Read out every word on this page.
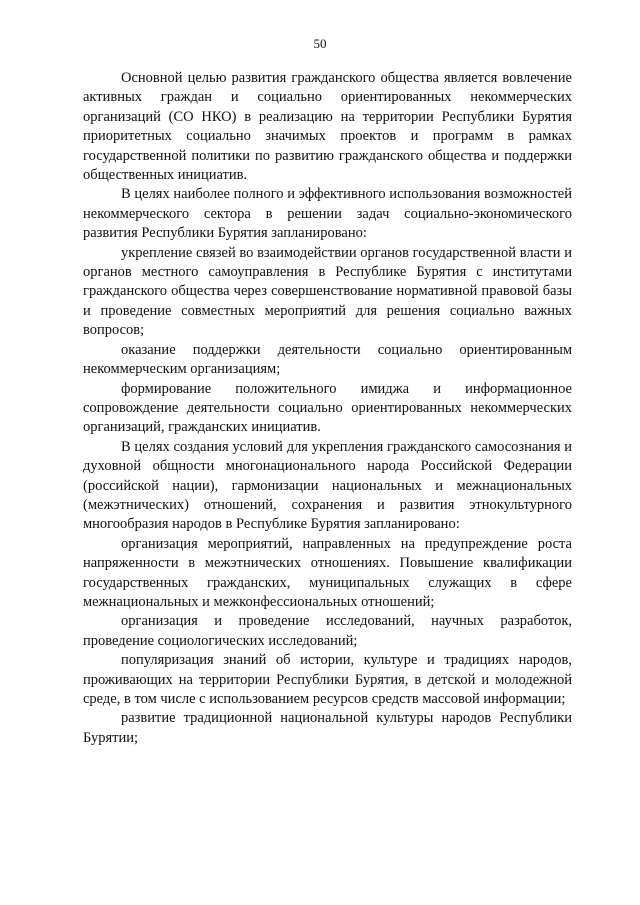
50

Основной целью развития гражданского общества является вовлечение активных граждан и социально ориентированных некоммерческих организаций (СО НКО) в реализацию на территории Республики Бурятия приоритетных социально значимых проектов и программ в рамках государственной политики по развитию гражданского общества и поддержки общественных инициатив.

В целях наиболее полного и эффективного использования возможностей некоммерческого сектора в решении задач социально-экономического развития Республики Бурятия запланировано:

укрепление связей во взаимодействии органов государственной власти и органов местного самоуправления в Республике Бурятия с институтами гражданского общества через совершенствование нормативной правовой базы и проведение совместных мероприятий для решения социально важных вопросов;

оказание поддержки деятельности социально ориентированным некоммерческим организациям;

формирование положительного имиджа и информационное сопровождение деятельности социально ориентированных некоммерческих организаций, гражданских инициатив.

В целях создания условий для укрепления гражданского самосознания и духовной общности многонационального народа Российской Федерации (российской нации), гармонизации национальных и межнациональных (межэтнических) отношений, сохранения и развития этнокультурного многообразия народов в Республике Бурятия запланировано:

организация мероприятий, направленных на предупреждение роста напряженности в межэтнических отношениях. Повышение квалификации государственных гражданских, муниципальных служащих в сфере межнациональных и межконфессиональных отношений;

организация и проведение исследований, научных разработок, проведение социологических исследований;

популяризация знаний об истории, культуре и традициях народов, проживающих на территории Республики Бурятия, в детской и молодежной среде, в том числе с использованием ресурсов средств массовой информации;

развитие традиционной национальной культуры народов Республики Бурятии;
